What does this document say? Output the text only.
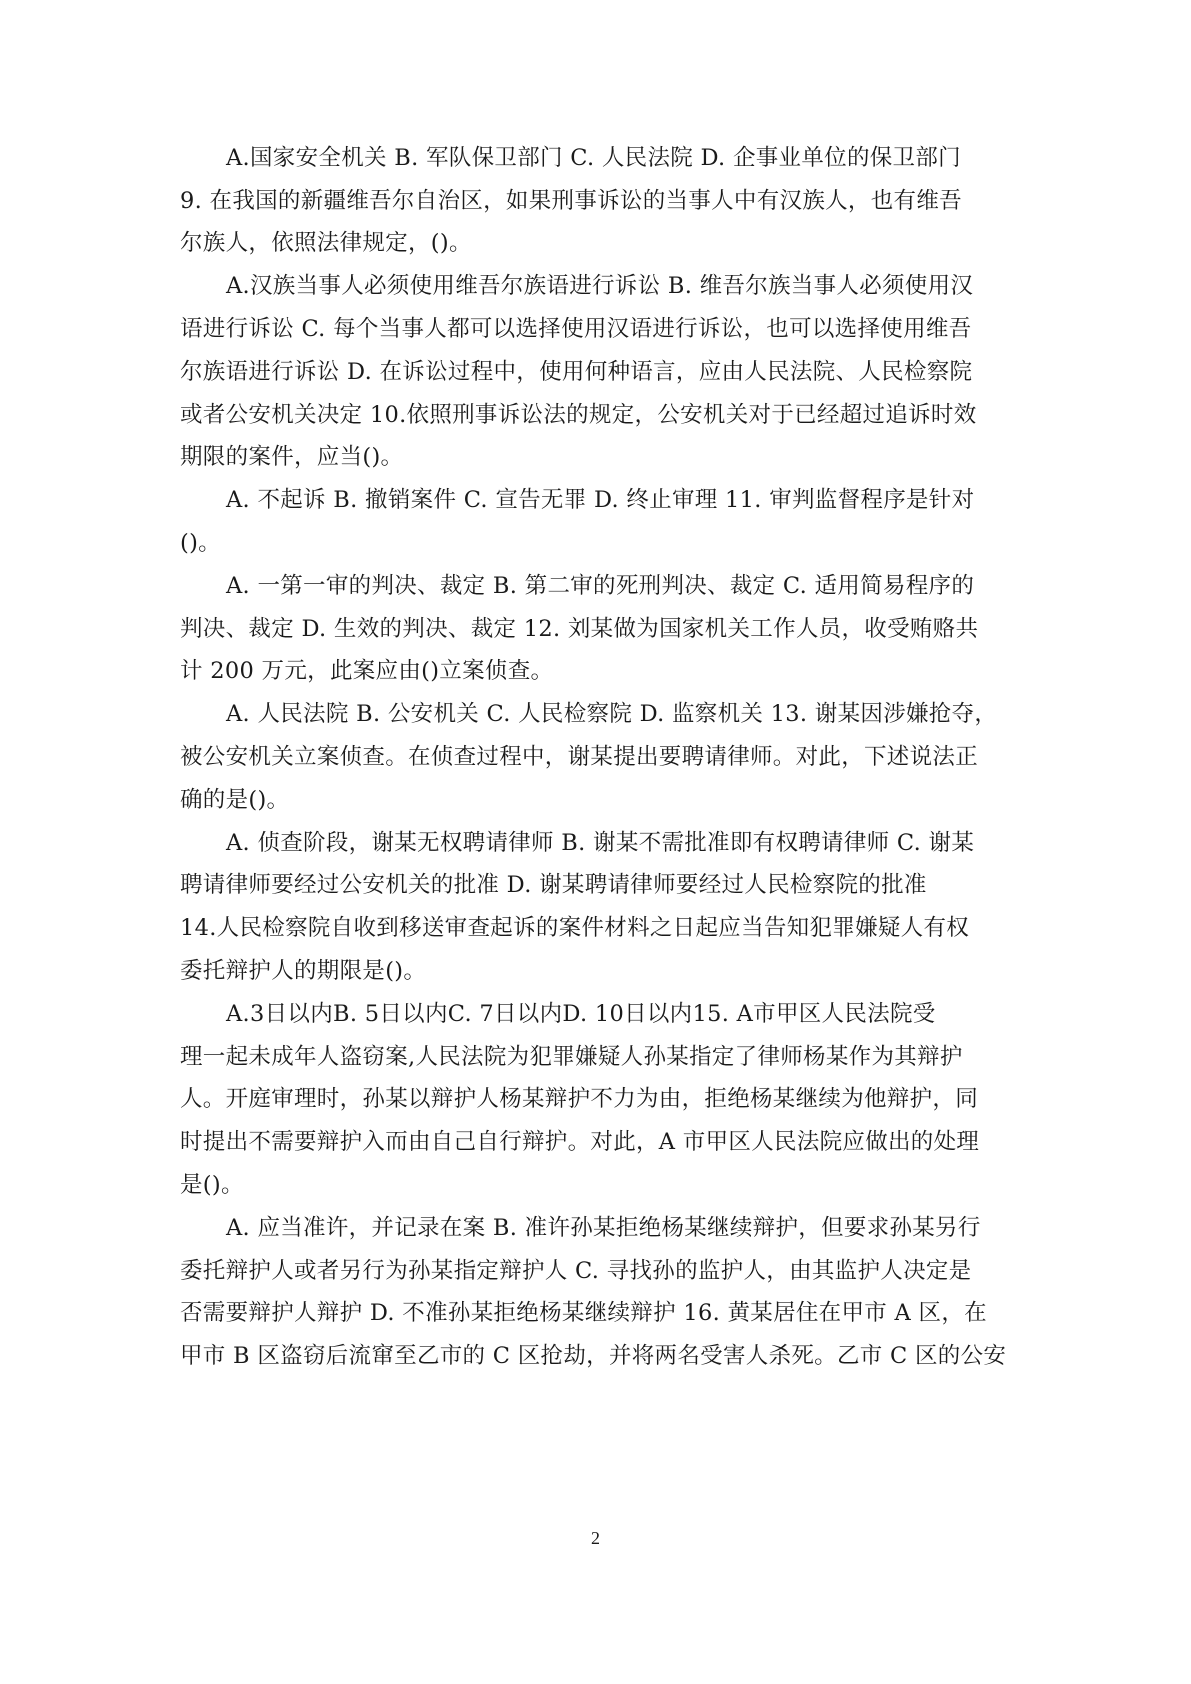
A.国家安全机关 B. 军队保卫部门 C. 人民法院 D. 企事业单位的保卫部门
9. 在我国的新疆维吾尔自治区，如果刑事诉讼的当事人中有汉族人，也有维吾
尔族人，依照法律规定，()。
A.汉族当事人必须使用维吾尔族语进行诉讼 B. 维吾尔族当事人必须使用汉
语进行诉讼 C. 每个当事人都可以选择使用汉语进行诉讼，也可以选择使用维吾
尔族语进行诉讼 D. 在诉讼过程中，使用何种语言，应由人民法院、人民检察院
或者公安机关决定 10.依照刑事诉讼法的规定，公安机关对于已经超过追诉时效
期限的案件，应当()。
A. 不起诉 B. 撤销案件 C. 宣告无罪 D. 终止审理 11. 审判监督程序是针对
()。
A. 一第一审的判决、裁定 B. 第二审的死刑判决、裁定 C. 适用简易程序的
判决、裁定 D. 生效的判决、裁定 12. 刘某做为国家机关工作人员，收受贿赂共
计 200 万元，此案应由()立案侦查。
A. 人民法院 B. 公安机关 C. 人民检察院 D. 监察机关 13. 谢某因涉嫌抢夺，
被公安机关立案侦查。在侦查过程中，谢某提出要聘请律师。对此，下述说法正
确的是()。
A. 侦查阶段，谢某无权聘请律师 B. 谢某不需批准即有权聘请律师 C. 谢某
聘请律师要经过公安机关的批准 D. 谢某聘请律师要经过人民检察院的批准
14.人民检察院自收到移送审查起诉的案件材料之日起应当告知犯罪嫌疑人有权
委托辩护人的期限是()。
A.3日以内B. 5日以内C. 7日以内D. 10日以内15. A市甲区人民法院受
理一起未成年人盗窃案,人民法院为犯罪嫌疑人孙某指定了律师杨某作为其辩护
人。开庭审理时，孙某以辩护人杨某辩护不力为由，拒绝杨某继续为他辩护，同
时提出不需要辩护入而由自己自行辩护。对此，A 市甲区人民法院应做出的处理
是()。
A. 应当准许，并记录在案 B. 准许孙某拒绝杨某继续辩护，但要求孙某另行
委托辩护人或者另行为孙某指定辩护人 C. 寻找孙的监护人，由其监护人决定是
否需要辩护人辩护 D. 不准孙某拒绝杨某继续辩护 16. 黄某居住在甲市 A 区，在
甲市 B 区盗窃后流窜至乙市的 C 区抢劫，并将两名受害人杀死。乙市 C 区的公安
2
